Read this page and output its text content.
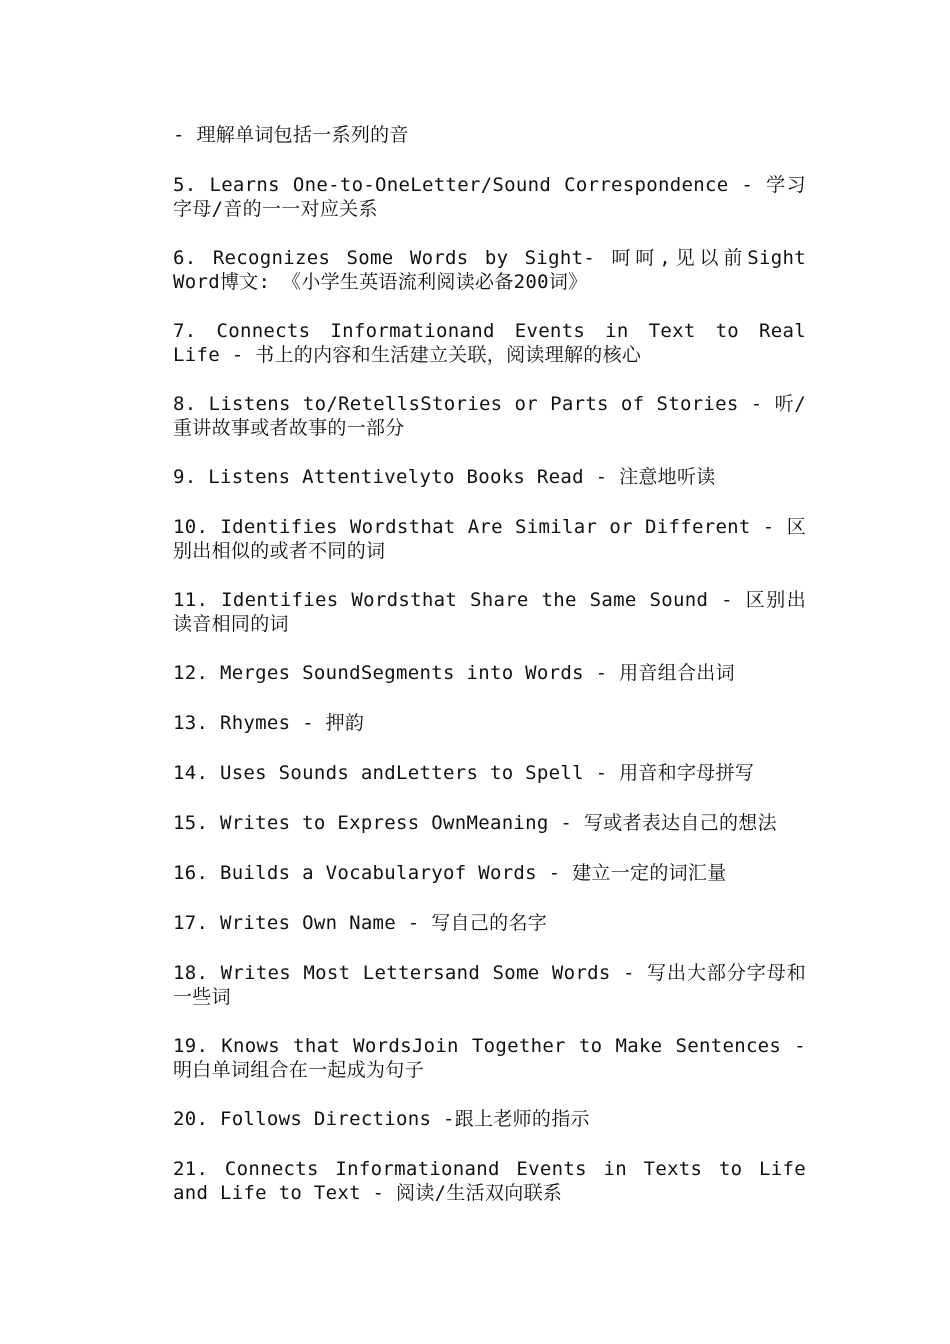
- 理解单词包括一系列的音

5. Learns One-to-OneLetter/Sound Correspondence - 学习字母/音的一一对应关系

6. Recognizes Some Words by Sight- 呵呵,见以前Sight Word博文: 《小学生英语流利阅读必备200词》

7. Connects Informationand Events in Text to Real Life - 书上的内容和生活建立关联，阅读理解的核心

8. Listens to/RetellsStories or Parts of Stories - 听/重讲故事或者故事的一部分

9. Listens Attentivelyto Books Read - 注意地听读

10. Identifies Wordsthat Are Similar or Different - 区别出相似的或者不同的词

11. Identifies Wordsthat Share the Same Sound - 区别出读音相同的词

12. Merges SoundSegments into Words - 用音组合出词

13. Rhymes - 押韵

14. Uses Sounds andLetters to Spell - 用音和字母拼写

15. Writes to Express OwnMeaning - 写或者表达自己的想法

16. Builds a Vocabularyof Words - 建立一定的词汇量

17. Writes Own Name - 写自己的名字

18. Writes Most Lettersand Some Words - 写出大部分字母和一些词

19. Knows that WordsJoin Together to Make Sentences - 明白单词组合在一起成为句子

20. Follows Directions -跟上老师的指示

21. Connects Informationand Events in Texts to Life and Life to Text - 阅读/生活双向联系
